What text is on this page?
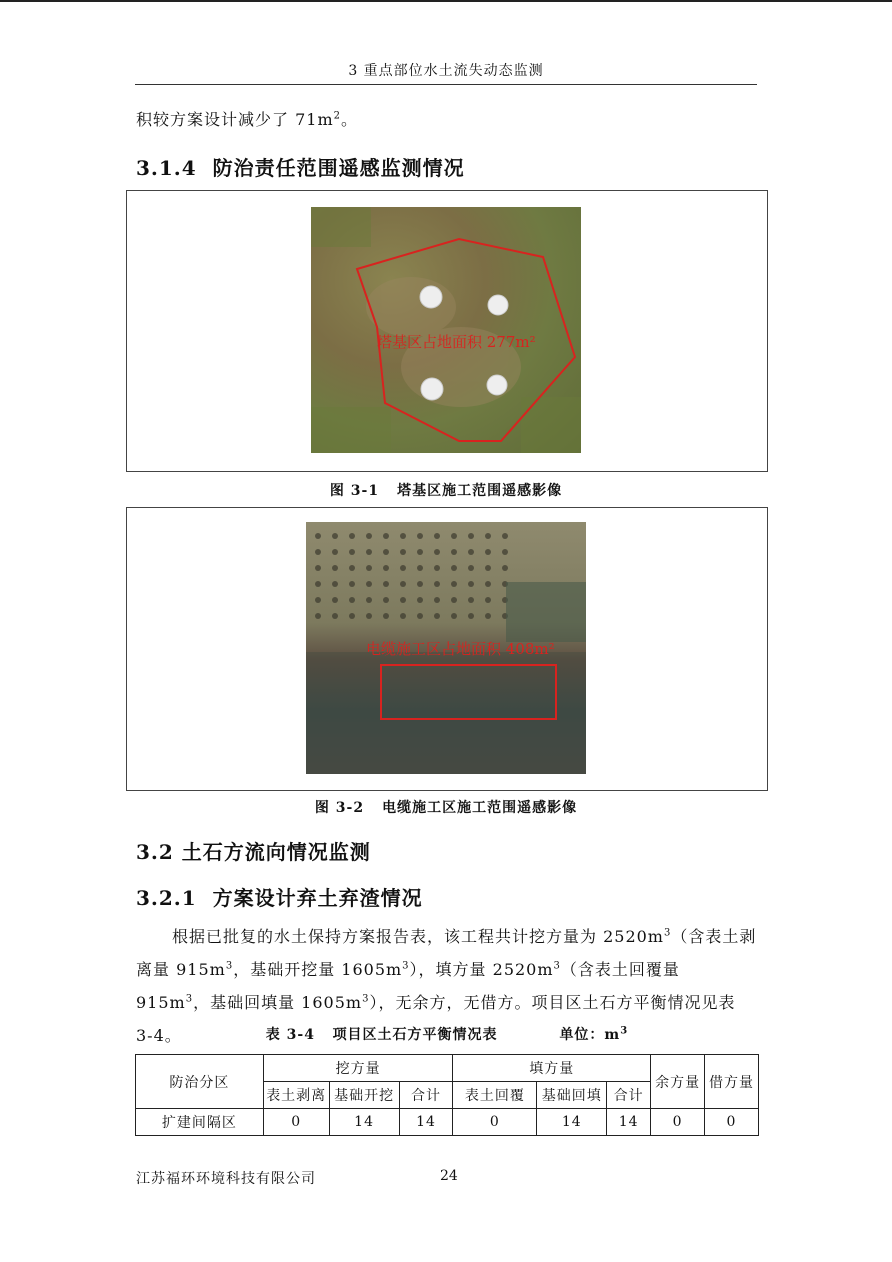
3 重点部位水土流失动态监测

积较方案设计减少了 $71m^2$。

3.1.4 防治责任范围遥感监测情况
塔基区占地面积 277m²
图 3-1 塔基区施工范围遥感影像
电缆施工区占地面积 408m²
图 3-2 电缆施工区施工范围遥感影像
3.2 土石方流向情况监测
3.2.1 方案设计弃土弃渣情况

根据已批复的水土保持方案报告表，该工程共计挖方量为 $2520m^3$（含表土剥离量 $915m^3$，基础开挖量 $1605m^3$），填方量 $2520m^3$（含表土回覆量 $915m^3$，基础回填量 $1605m^3$），无余方，无借方。项目区土石方平衡情况见表 3-4。	表 3-4 项目区土石方平衡情况表	单位：$m^3$
防治分区	挖方量			填方量			余方量	借方量
	表土剥离	基础开挖	合计	表土回覆	基础回填	合计		
扩建间隔区	0	14	14	0	14	14	0	0
江苏福环环境科技有限公司	24
